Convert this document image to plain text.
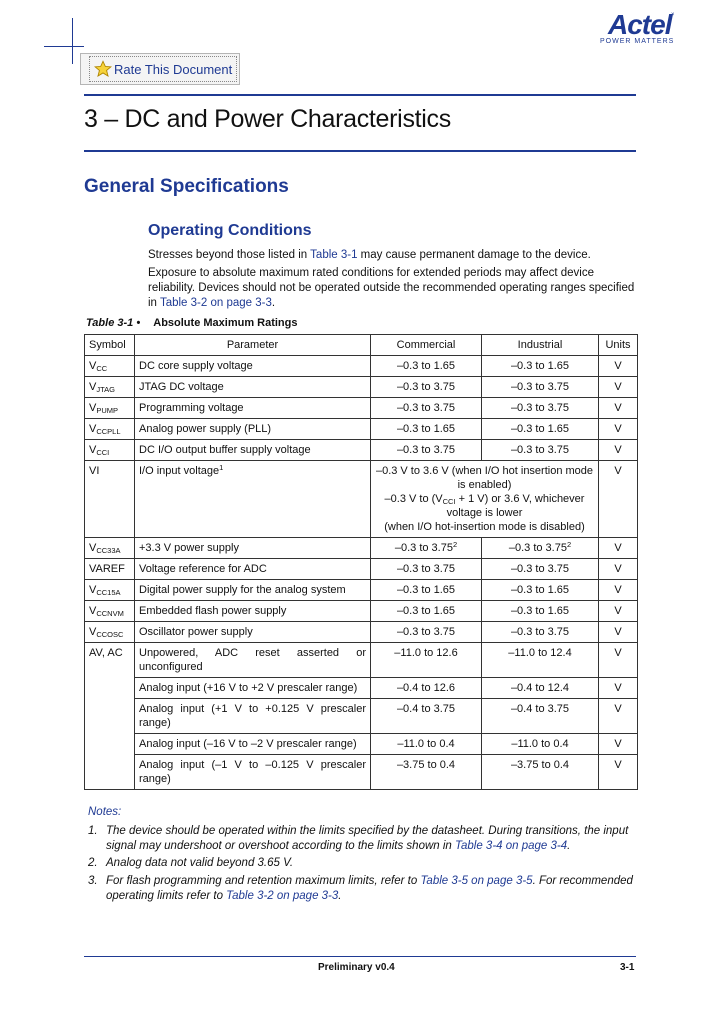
Actel ×
POWER MATTERS
Rate This Document
3 – DC and Power Characteristics
General Specifications
Operating Conditions
Stresses beyond those listed in Table 3-1 may cause permanent damage to the device.
Exposure to absolute maximum rated conditions for extended periods may affect device reliability. Devices should not be operated outside the recommended operating ranges specified in Table 3-2 on page 3-3.
Table 3-1 • Absolute Maximum Ratings
Symbol	Parameter	Commercial	Industrial	Units
$V_{CC}$	DC core supply voltage	–0.3 to 1.65	–0.3 to 1.65	V
$V_{JTAG}$	JTAG DC voltage	–0.3 to 3.75	–0.3 to 3.75	V
$V_{PUMP}$	Programming voltage	–0.3 to 3.75	–0.3 to 3.75	V
$V_{CCPLL}$	Analog power supply (PLL)	–0.3 to 1.65	–0.3 to 1.65	V
$V_{CCI}$	DC I/O output buffer supply voltage	–0.3 to 3.75	–0.3 to 3.75	V
VI	I/O input voltage$^1$	–0.3 V to 3.6 V (when I/O hot insertion mode is enabled)
–0.3 V to ($V_{CCI} + 1$ V) or 3.6 V, whichever voltage is lower
(when I/O hot-insertion mode is disabled)		V
$V_{CC33A}$	+3.3 V power supply	–0.3 to 3.75$^2$	–0.3 to 3.75$^2$	V
VAREF	Voltage reference for ADC	–0.3 to 3.75	–0.3 to 3.75	V
$V_{CC15A}$	Digital power supply for the analog system	–0.3 to 1.65	–0.3 to 1.65	V
$V_{CCNVM}$	Embedded flash power supply	–0.3 to 1.65	–0.3 to 1.65	V
$V_{CCOSC}$	Oscillator power supply	–0.3 to 3.75	–0.3 to 3.75	V
AV, AC	Unpowered, ADC reset asserted or unconfigured	–11.0 to 12.6	–11.0 to 12.4	V
	Analog input (+16 V to +2 V prescaler range)	–0.4 to 12.6	–0.4 to 12.4	V
	Analog input (+1 V to +0.125 V prescaler range)	–0.4 to 3.75	–0.4 to 3.75	V
	Analog input (–16 V to –2 V prescaler range)	–11.0 to 0.4	–11.0 to 0.4	V
	Analog input (–1 V to –0.125 V prescaler range)	–3.75 to 0.4	–3.75 to 0.4	V
Notes:
1. The device should be operated within the limits specified by the datasheet. During transitions, the input signal may undershoot or overshoot according to the limits shown in Table 3-4 on page 3-4.
2. Analog data not valid beyond 3.65 V.
3. For flash programming and retention maximum limits, refer to Table 3-5 on page 3-5. For recommended operating limits refer to Table 3-2 on page 3-3.
Preliminary v0.4	3-1
